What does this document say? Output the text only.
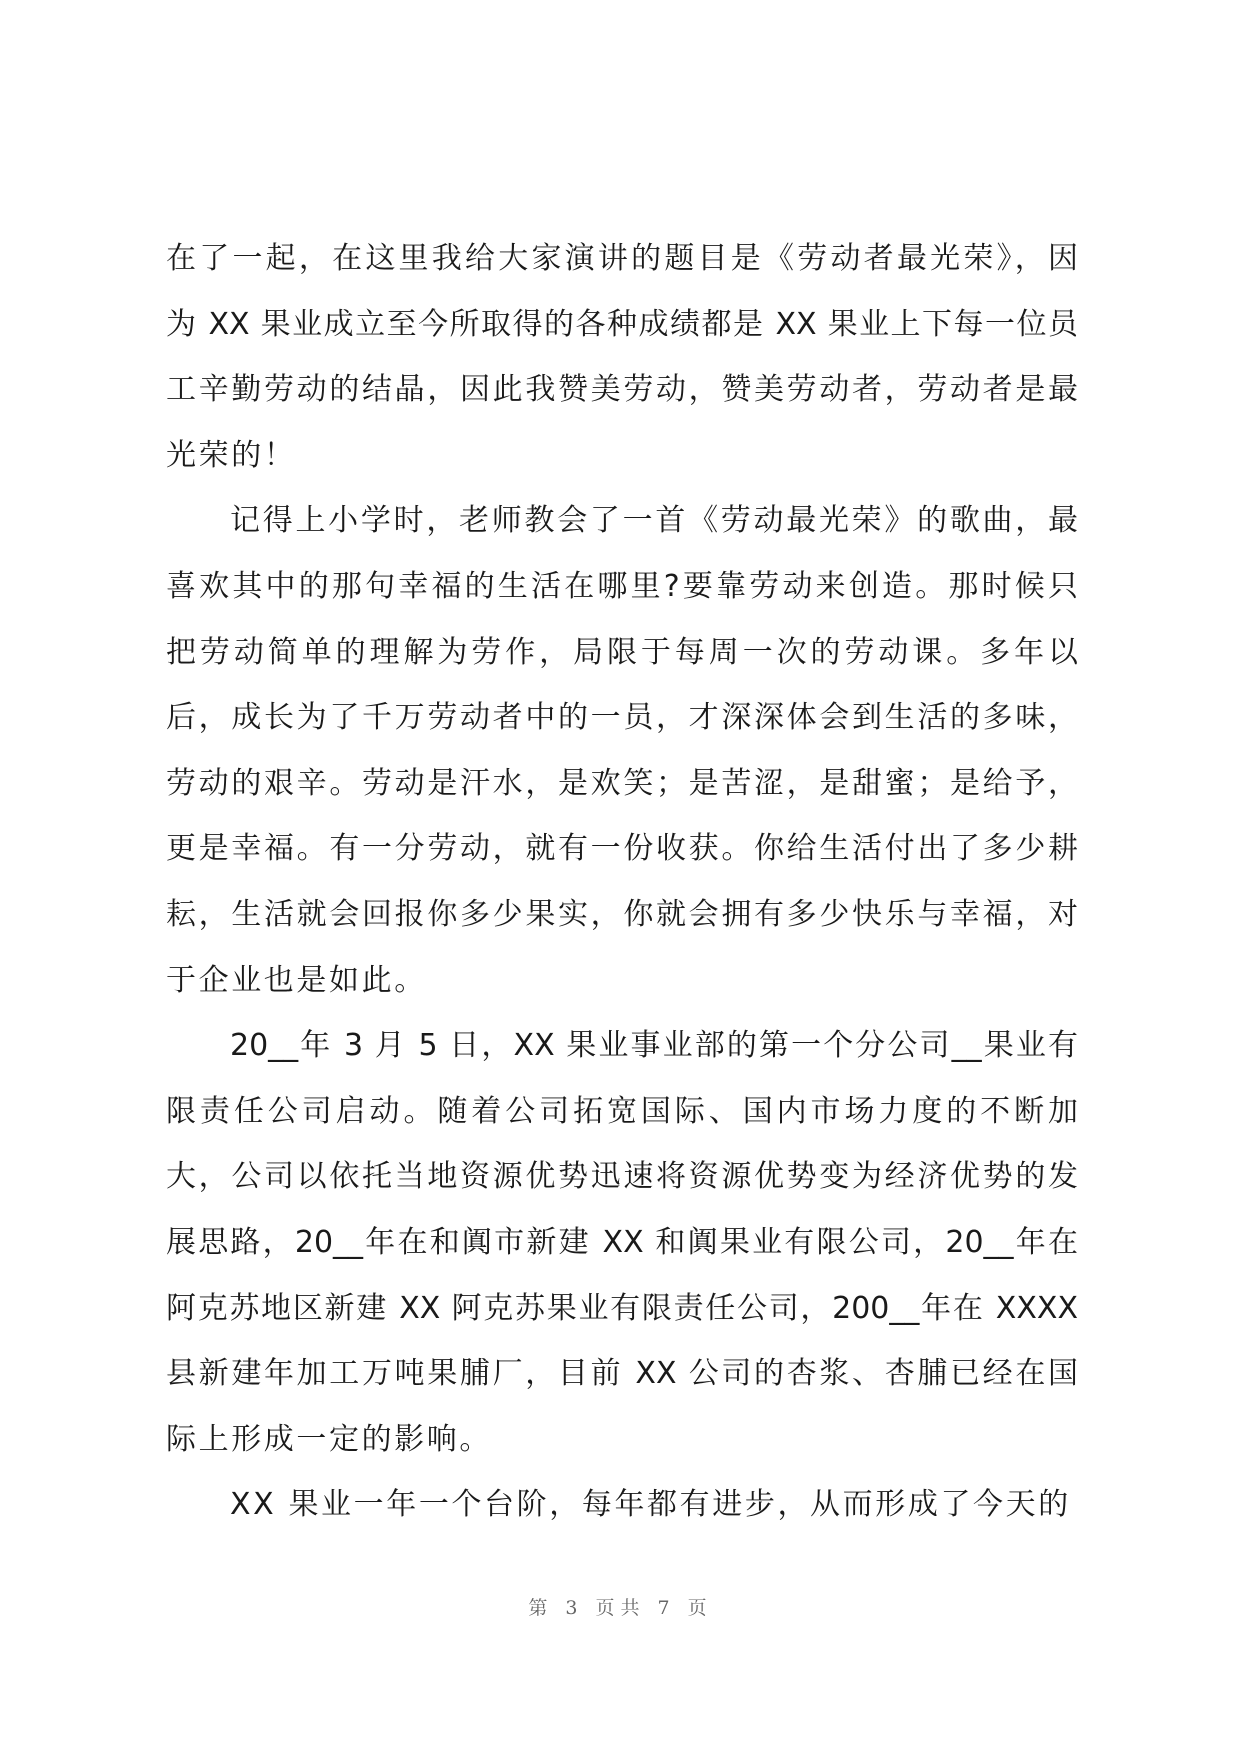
在了一起，在这里我给大家演讲的题目是《劳动者最光荣》，因
为 XX 果业成立至今所取得的各种成绩都是 XX 果业上下每一位员
工辛勤劳动的结晶，因此我赞美劳动，赞美劳动者，劳动者是最
光荣的！
记得上小学时，老师教会了一首《劳动最光荣》的歌曲，最
喜欢其中的那句幸福的生活在哪里?要靠劳动来创造。那时候只
把劳动简单的理解为劳作，局限于每周一次的劳动课。多年以
后，成长为了千万劳动者中的一员，才深深体会到生活的多味，
劳动的艰辛。劳动是汗水，是欢笑；是苦涩，是甜蜜；是给予，
更是幸福。有一分劳动，就有一份收获。你给生活付出了多少耕
耘，生活就会回报你多少果实，你就会拥有多少快乐与幸福，对
于企业也是如此。
20__年 3 月 5 日，XX 果业事业部的第一个分公司__果业有
限责任公司启动。随着公司拓宽国际、国内市场力度的不断加
大，公司以依托当地资源优势迅速将资源优势变为经济优势的发
展思路，20__年在和阗市新建 XX 和阗果业有限公司，20__年在
阿克苏地区新建 XX 阿克苏果业有限责任公司，200__年在 XXXX
县新建年加工万吨果脯厂，目前 XX 公司的杏浆、杏脯已经在国
际上形成一定的影响。
XX 果业一年一个台阶，每年都有进步，从而形成了今天的
第 3 页共 7 页
